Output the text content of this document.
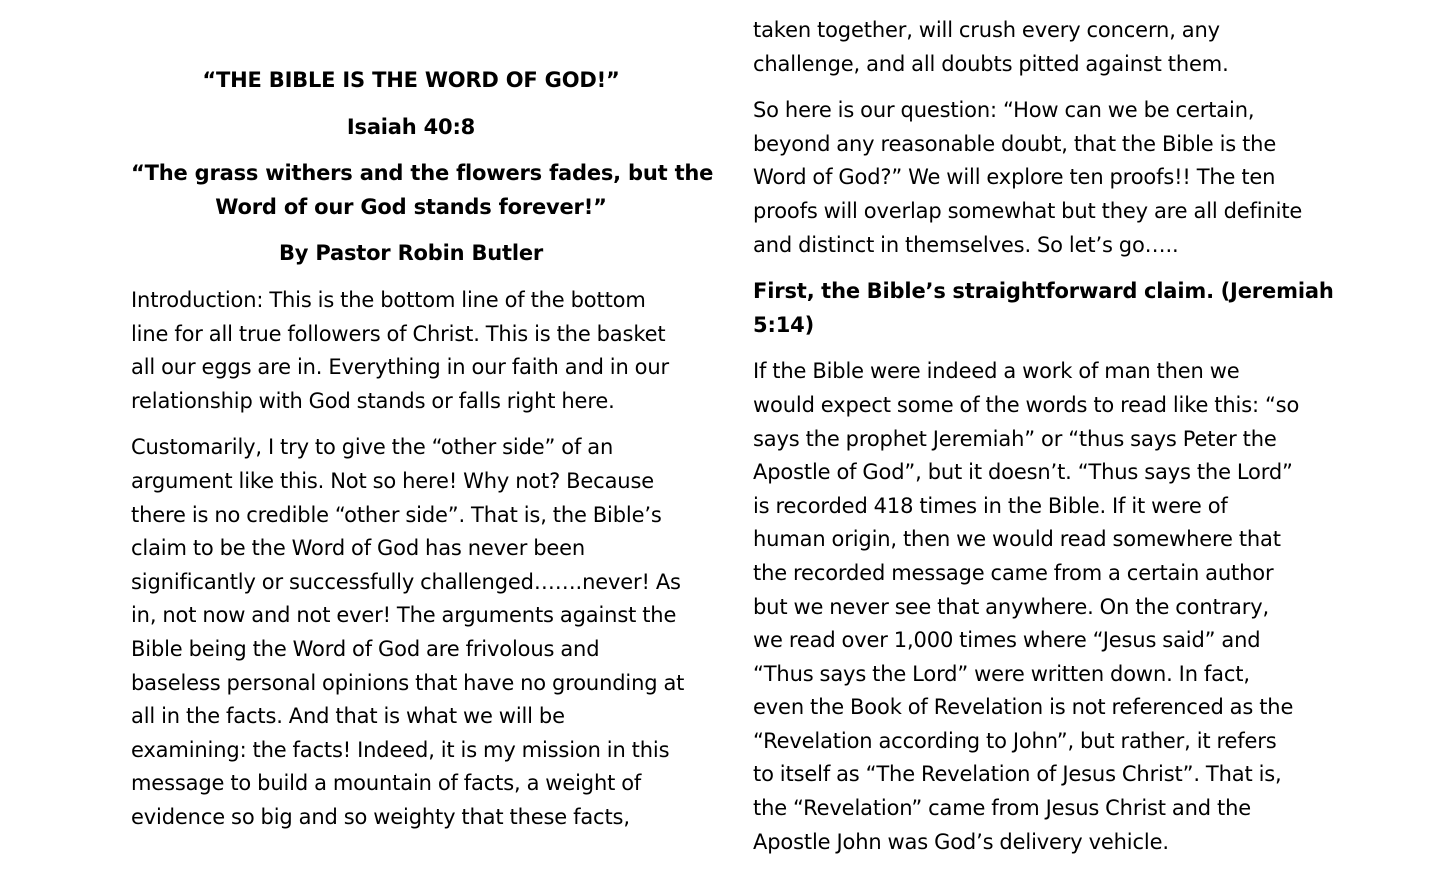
“THE BIBLE IS THE WORD OF GOD!”

Isaiah 40:8

“The grass withers and the flowers fades, but the
Word of our God stands forever!”

By Pastor Robin Butler

Introduction: This is the bottom line of the bottom
line for all true followers of Christ. This is the basket
all our eggs are in. Everything in our faith and in our
relationship with God stands or falls right here.

Customarily, I try to give the “other side” of an
argument like this. Not so here! Why not? Because
there is no credible “other side”. That is, the Bible’s
claim to be the Word of God has never been
significantly or successfully challenged…….never! As
in, not now and not ever! The arguments against the
Bible being the Word of God are frivolous and
baseless personal opinions that have no grounding at
all in the facts. And that is what we will be
examining: the facts! Indeed, it is my mission in this
message to build a mountain of facts, a weight of
evidence so big and so weighty that these facts,

taken together, will crush every concern, any
challenge, and all doubts pitted against them.

So here is our question: “How can we be certain,
beyond any reasonable doubt, that the Bible is the
Word of God?” We will explore ten proofs!! The ten
proofs will overlap somewhat but they are all definite
and distinct in themselves. So let’s go…..

First, the Bible’s straightforward claim. (Jeremiah
5:14)

If the Bible were indeed a work of man then we
would expect some of the words to read like this: “so
says the prophet Jeremiah” or “thus says Peter the
Apostle of God”, but it doesn’t. “Thus says the Lord”
is recorded 418 times in the Bible. If it were of
human origin, then we would read somewhere that
the recorded message came from a certain author
but we never see that anywhere. On the contrary,
we read over 1,000 times where “Jesus said” and
“Thus says the Lord” were written down. In fact,
even the Book of Revelation is not referenced as the
“Revelation according to John”, but rather, it refers
to itself as “The Revelation of Jesus Christ”. That is,
the “Revelation” came from Jesus Christ and the
Apostle John was God’s delivery vehicle.
